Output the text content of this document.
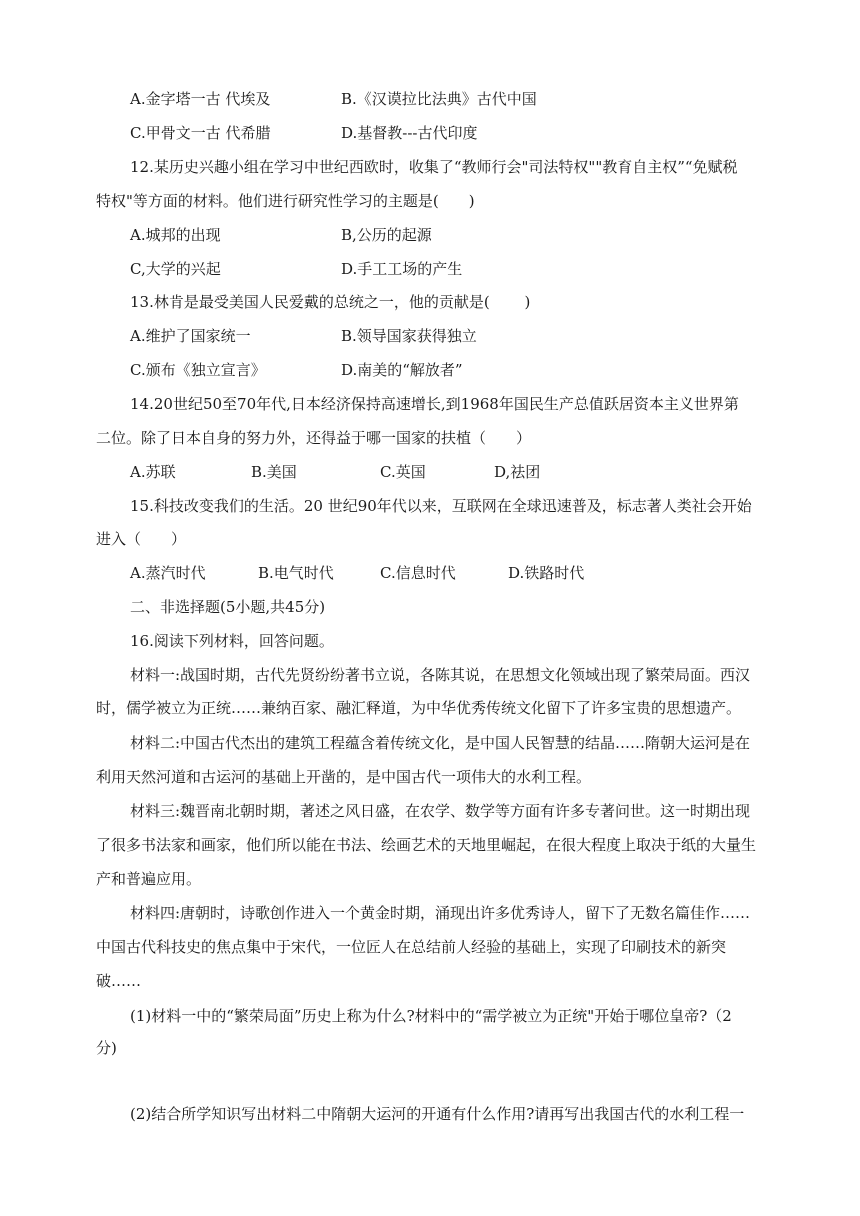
A.金字塔一古 代埃及	B.《汉谟拉比法典》古代中国
C.甲骨文一古 代希腊	D.基督教---古代印度
12.某历史兴趣小组在学习中世纪西欧时，收集了“教师行会"司法特权""教育自主权”“免赋税
特权"等方面的材料。他们进行研究性学习的主题是(　　)
A.城邦的出现	B,公历的起源
C,大学的兴起	D.手工工场的产生
13.林肯是最受美国人民爱戴的总统之一，他的贡献是(　　 )
A.维护了国家统一	B.领导国家获得独立
C.颁布《独立宣言》	D.南美的“解放者”
14.20世纪50至70年代,日本经济保持高速增长,到1968年国民生产总值跃居资本主义世界第
二位。除了日本自身的努力外，还得益于哪一国家的扶植（　　）
A.苏联	B.美国	C.英国	D,祛团
15.科技改变我们的生活。20 世纪90年代以来，互联网在全球迅速普及，标志著人类社会开始
进入（　　）
A.蒸汽时代	B.电气时代	C.信息时代	D.铁路时代
二、非选择题(5小题,共45分)
16.阅读下列材料，回答问题。
材料一:战国时期，古代先贤纷纷著书立说，各陈其说，在思想文化领域出现了繁荣局面。西汉
时，儒学被立为正统……兼纳百家、融汇释道，为中华优秀传统文化留下了许多宝贵的思想遗产。
材料二:中国古代杰出的建筑工程蕴含着传统文化，是中国人民智慧的结晶……隋朝大运河是在
利用天然河道和古运河的基础上开凿的，是中国古代一项伟大的水利工程。
材料三:魏晋南北朝时期，著述之风日盛，在农学、数学等方面有许多专著问世。这一时期出现
了很多书法家和画家，他们所以能在书法、绘画艺术的天地里崛起，在很大程度上取决于纸的大量生
产和普遍应用。
材料四:唐朝时，诗歌创作进入一个黄金时期，涌现出许多优秀诗人，留下了无数名篇佳作……
中国古代科技史的焦点集中于宋代，一位匠人在总结前人经验的基础上，实现了印刷技术的新突
破……
(1)材料一中的“繁荣局面”历史上称为什么?材料中的“需学被立为正统"开始于哪位皇帝?（2
分)
(2)结合所学知识写出材料二中隋朝大运河的开通有什么作用?请再写出我国古代的水利工程一
